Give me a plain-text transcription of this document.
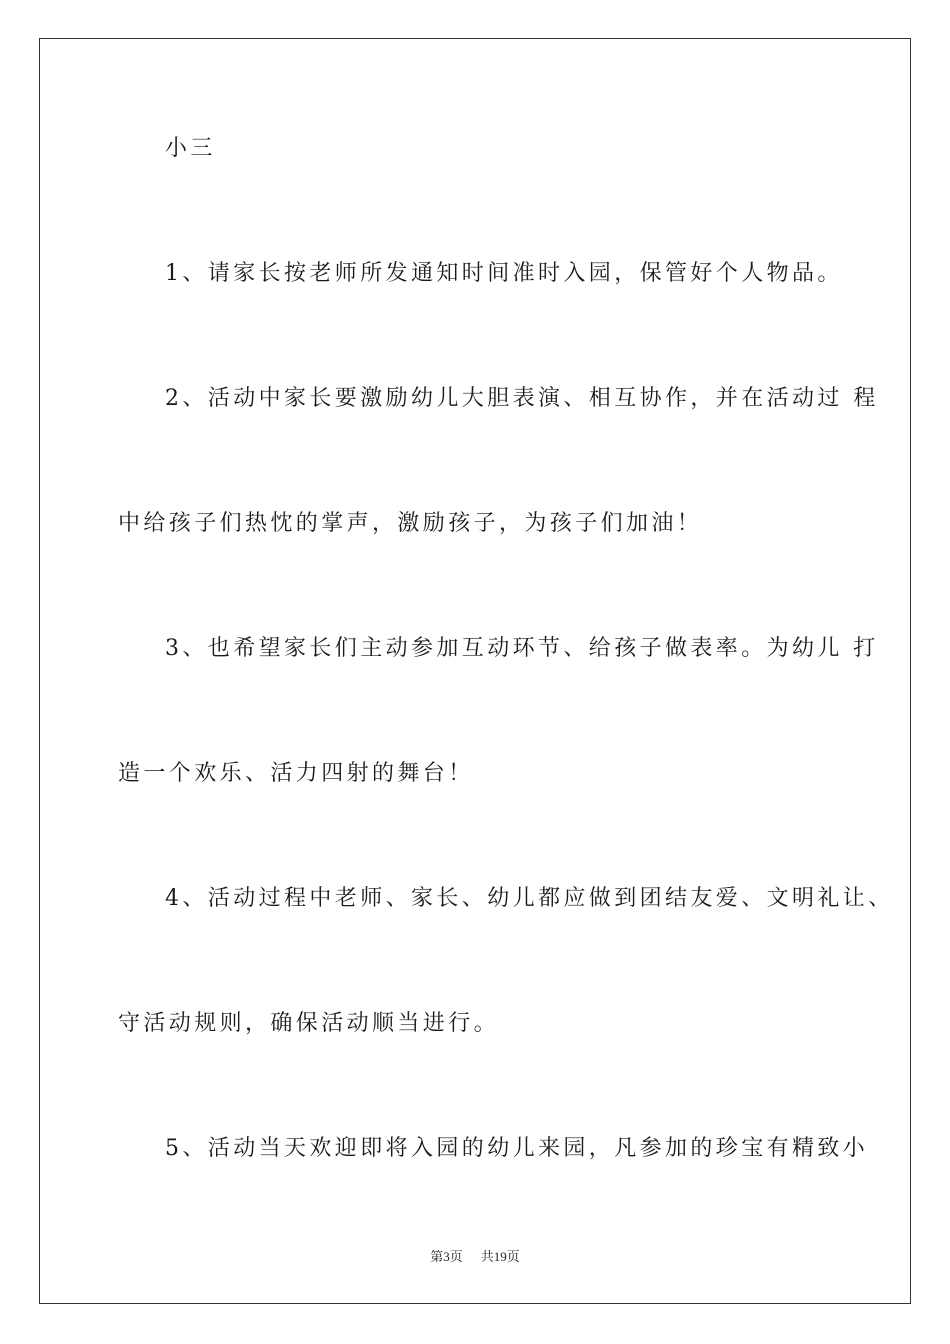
小三
1、请家长按老师所发通知时间准时入园，保管好个人物品。
2、活动中家长要激励幼儿大胆表演、相互协作，并在活动过 程
中给孩子们热忱的掌声，激励孩子，为孩子们加油！
3、也希望家长们主动参加互动环节、给孩子做表率。为幼儿 打
造一个欢乐、活力四射的舞台！
4、活动过程中老师、家长、幼儿都应做到团结友爱、文明礼让、
守活动规则，确保活动顺当进行。
5、活动当天欢迎即将入园的幼儿来园，凡参加的珍宝有精致小
第3页 共19页
